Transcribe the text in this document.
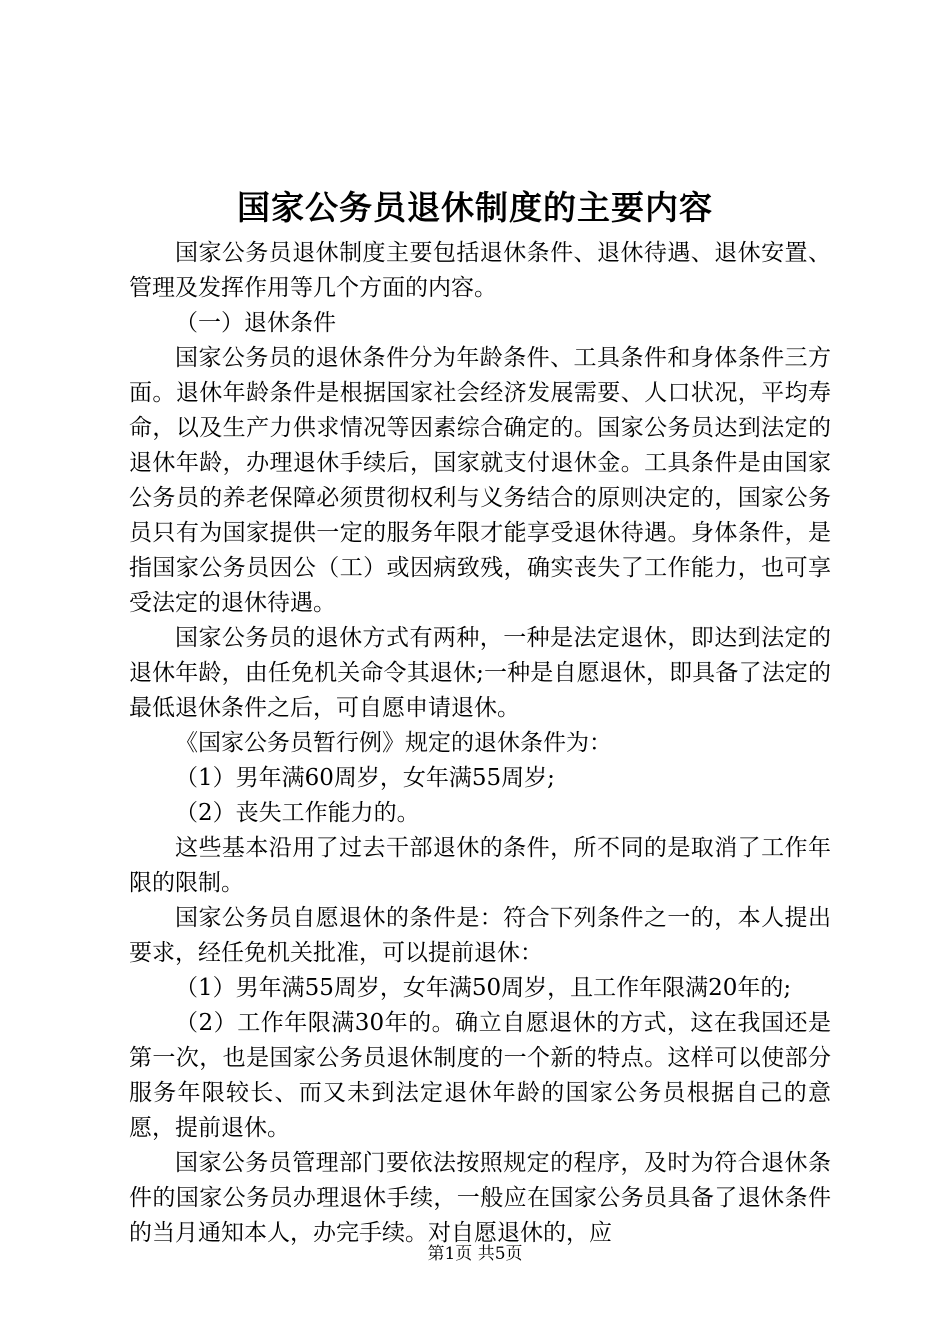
国家公务员退休制度的主要内容

国家公务员退休制度主要包括退休条件、退休待遇、退休安置、管理及发挥作用等几个方面的内容。

（一）退休条件

国家公务员的退休条件分为年龄条件、工具条件和身体条件三方面。退休年龄条件是根据国家社会经济发展需要、人口状况，平均寿命，以及生产力供求情况等因素综合确定的。国家公务员达到法定的退休年龄，办理退休手续后，国家就支付退休金。工具条件是由国家公务员的养老保障必须贯彻权利与义务结合的原则决定的，国家公务员只有为国家提供一定的服务年限才能享受退休待遇。身体条件，是指国家公务员因公（工）或因病致残，确实丧失了工作能力，也可享受法定的退休待遇。

国家公务员的退休方式有两种，一种是法定退休，即达到法定的退休年龄，由任免机关命令其退休;一种是自愿退休，即具备了法定的最低退休条件之后，可自愿申请退休。

《国家公务员暂行例》规定的退休条件为：

（1）男年满60周岁，女年满55周岁;

（2）丧失工作能力的。

这些基本沿用了过去干部退休的条件，所不同的是取消了工作年限的限制。

国家公务员自愿退休的条件是：符合下列条件之一的，本人提出要求，经任免机关批准，可以提前退休：

（1）男年满55周岁，女年满50周岁，且工作年限满20年的;

（2）工作年限满30年的。确立自愿退休的方式，这在我国还是第一次，也是国家公务员退休制度的一个新的特点。这样可以使部分服务年限较长、而又未到法定退休年龄的国家公务员根据自己的意愿，提前退休。

国家公务员管理部门要依法按照规定的程序，及时为符合退休条件的国家公务员办理退休手续，一般应在国家公务员具备了退休条件的当月通知本人，办完手续。对自愿退休的，应

第1页 共5页
